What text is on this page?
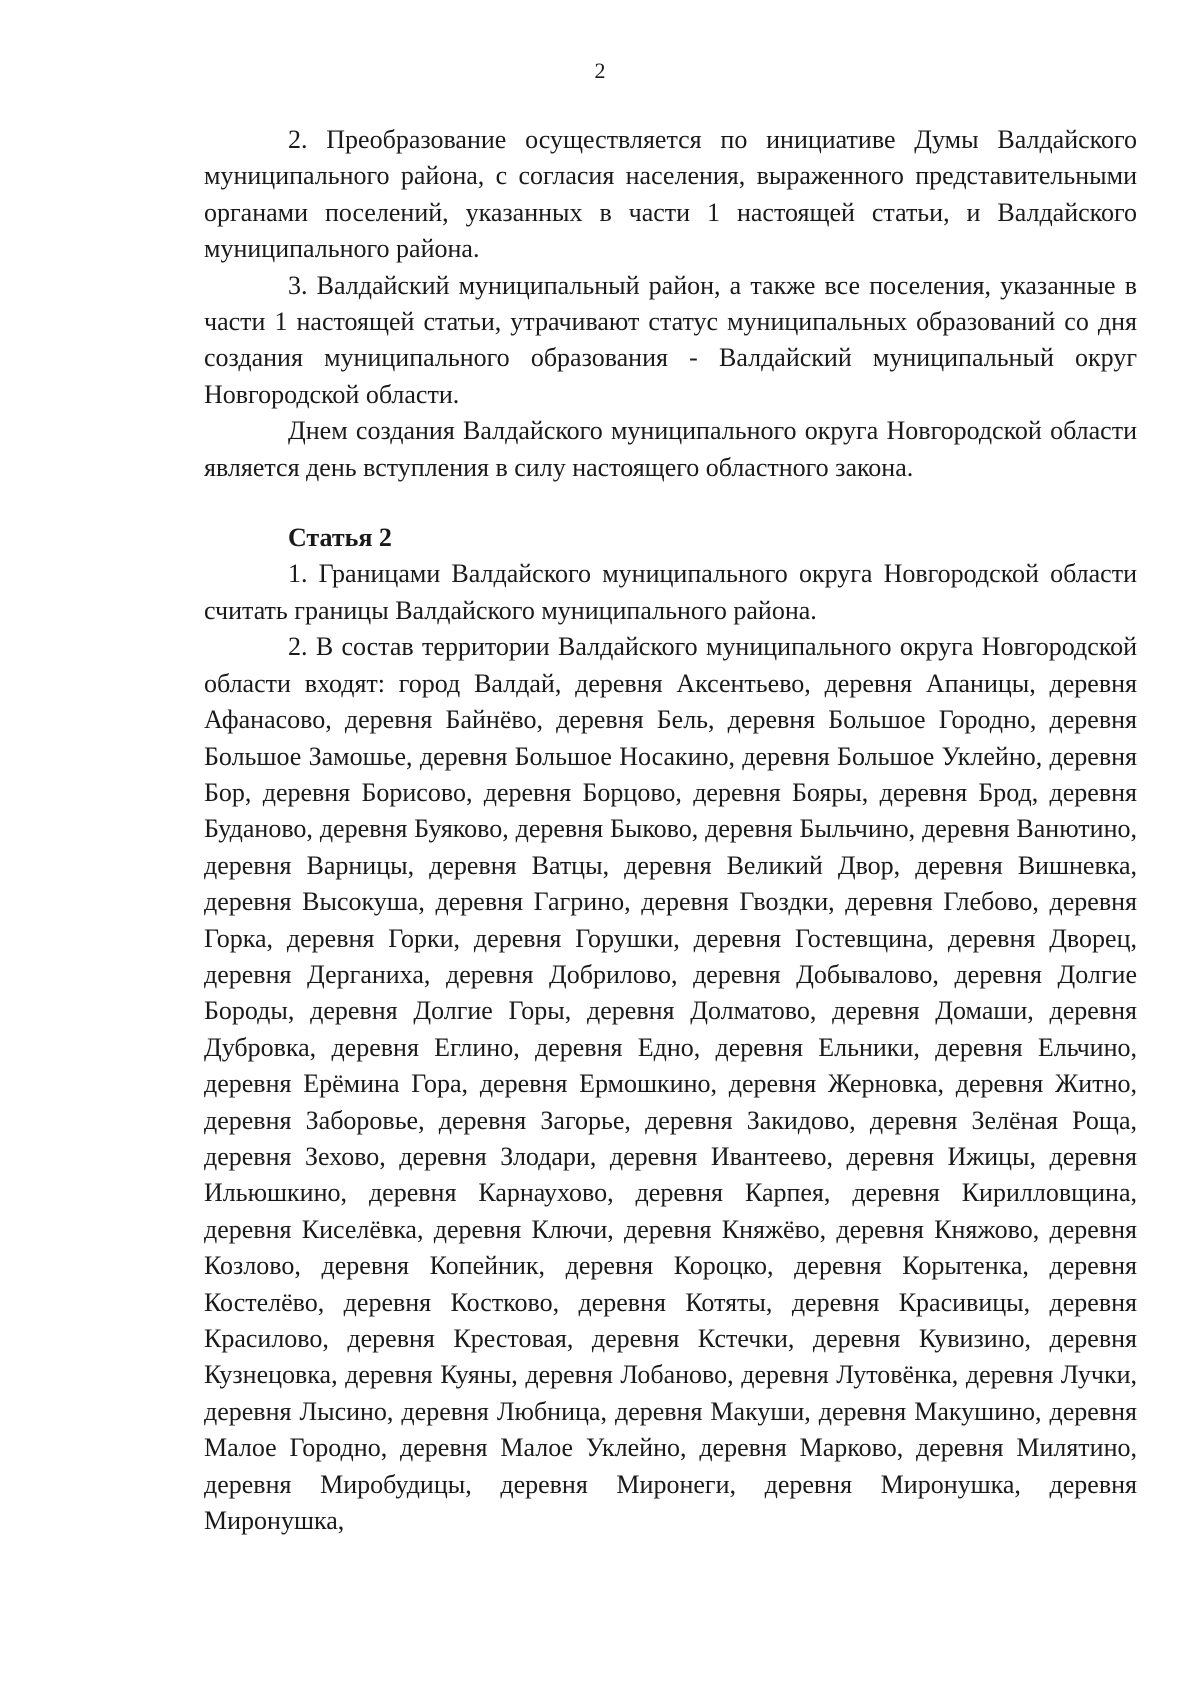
2

2. Преобразование осуществляется по инициативе Думы Валдайского муниципального района, с согласия населения, выраженного представительными органами поселений, указанных в части 1 настоящей статьи, и Валдайского муниципального района.

3. Валдайский муниципальный район, а также все поселения, указанные в части 1 настоящей статьи, утрачивают статус муниципальных образований со дня создания муниципального образования - Валдайский муниципальный округ Новгородской области.

Днем создания Валдайского муниципального округа Новгородской области является день вступления в силу настоящего областного закона.

Статья 2

1. Границами Валдайского муниципального округа Новгородской области считать границы Валдайского муниципального района.

2. В состав территории Валдайского муниципального округа Новгородской области входят: город Валдай, деревня Аксентьево, деревня Апаницы, деревня Афанасово, деревня Байнёво, деревня Бель, деревня Большое Городно, деревня Большое Замошье, деревня Большое Носакино, деревня Большое Уклейно, деревня Бор, деревня Борисово, деревня Борцово, деревня Бояры, деревня Брод, деревня Буданово, деревня Буяково, деревня Быково, деревня Быльчино, деревня Ванютино, деревня Варницы, деревня Ватцы, деревня Великий Двор, деревня Вишневка, деревня Высокуша, деревня Гагрино, деревня Гвоздки, деревня Глебово, деревня Горка, деревня Горки, деревня Горушки, деревня Гостевщина, деревня Дворец, деревня Дерганиха, деревня Добрилово, деревня Добывалово, деревня Долгие Бороды, деревня Долгие Горы, деревня Долматово, деревня Домаши, деревня Дубровка, деревня Еглино, деревня Едно, деревня Ельники, деревня Ельчино, деревня Ерёмина Гора, деревня Ермошкино, деревня Жерновка, деревня Житно, деревня Заборовье, деревня Загорье, деревня Закидово, деревня Зелёная Роща, деревня Зехово, деревня Злодари, деревня Ивантеево, деревня Ижицы, деревня Ильюшкино, деревня Карнаухово, деревня Карпея, деревня Кирилловщина, деревня Киселёвка, деревня Ключи, деревня Княжёво, деревня Княжово, деревня Козлово, деревня Копейник, деревня Короцко, деревня Корытенка, деревня Костелёво, деревня Костково, деревня Котяты, деревня Красивицы, деревня Красилово, деревня Крестовая, деревня Кстечки, деревня Кувизино, деревня Кузнецовка, деревня Куяны, деревня Лобаново, деревня Лутовёнка, деревня Лучки, деревня Лысино, деревня Любница, деревня Макуши, деревня Макушино, деревня Малое Городно, деревня Малое Уклейно, деревня Марково, деревня Милятино, деревня Миробудицы, деревня Миронеги, деревня Миронушка, деревня Миронушка,
